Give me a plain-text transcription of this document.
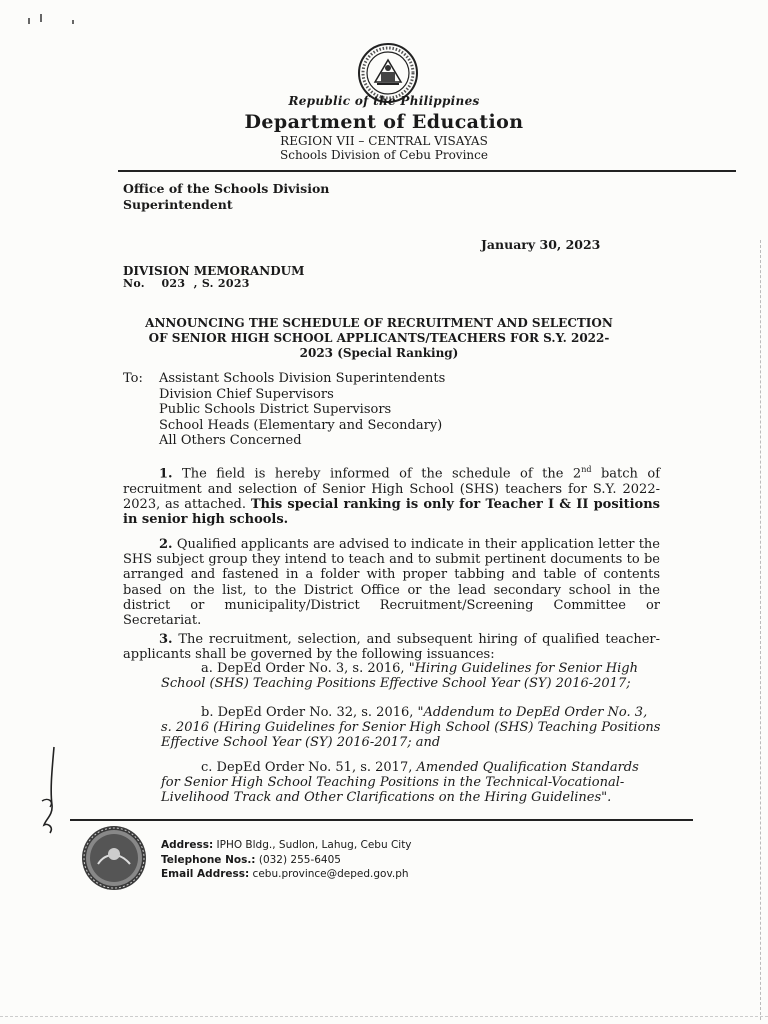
Republic of the Philippines
Department of Education
REGION VII – CENTRAL VISAYAS
Schools Division of Cebu Province
Office of the Schools Division
Superintendent
January 30, 2023
DIVISION MEMORANDUM
No.    023  , S. 2023
ANNOUNCING THE SCHEDULE OF RECRUITMENT AND SELECTION
OF SENIOR HIGH SCHOOL APPLICANTS/TEACHERS FOR S.Y. 2022-
2023 (Special Ranking)
To: Assistant Schools Division Superintendents
Division Chief Supervisors
Public Schools District Supervisors
School Heads (Elementary and Secondary)
All Others Concerned
1. The field is hereby informed of the schedule of the 2nd batch of recruitment and selection of Senior High School (SHS) teachers for S.Y. 2022-2023, as attached. This special ranking is only for Teacher I & II positions in senior high schools.
2. Qualified applicants are advised to indicate in their application letter the SHS subject group they intend to teach and to submit pertinent documents to be arranged and fastened in a folder with proper tabbing and table of contents based on the list, to the District Office or the lead secondary school in the district or municipality/District Recruitment/Screening Committee or Secretariat.
3. The recruitment, selection, and subsequent hiring of qualified teacher-applicants shall be governed by the following issuances:
a. DepEd Order No. 3, s. 2016, "Hiring Guidelines for Senior High School (SHS) Teaching Positions Effective School Year (SY) 2016-2017;
b. DepEd Order No. 32, s. 2016, "Addendum to DepEd Order No. 3, s. 2016 (Hiring Guidelines for Senior High School (SHS) Teaching Positions Effective School Year (SY) 2016-2017; and
c. DepEd Order No. 51, s. 2017, Amended Qualification Standards for Senior High School Teaching Positions in the Technical-Vocational-Livelihood Track and Other Clarifications on the Hiring Guidelines".
Address: IPHO Bldg., Sudlon, Lahug, Cebu City
Telephone Nos.: (032) 255-6405
Email Address: cebu.province@deped.gov.ph
